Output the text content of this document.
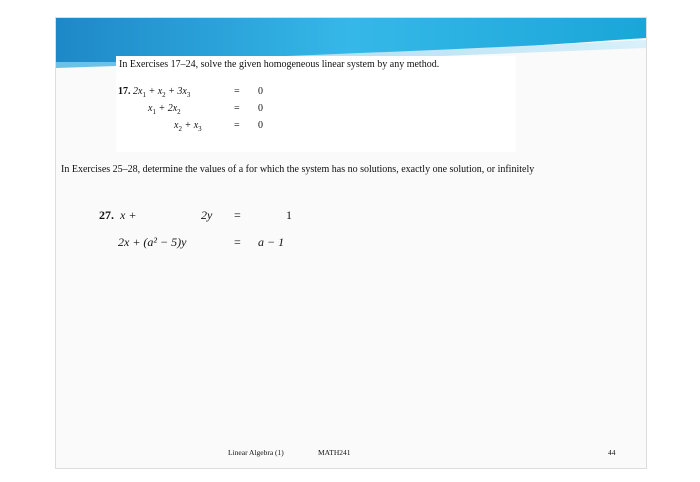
In Exercises 17–24, solve the given homogeneous linear system by any method.
17. $2x_1 + x_2 + 3x_3$	= 0
$x_1 + 2x_2$	= 0
$x_2 + x_3$	= 0
In Exercises 25–28, determine the values of a for which the system has no solutions, exactly one solution, or infinitely
27. x +	2y =	1
2x + (a² − 5)y	= a − 1
Linear Algebra (1)	MATH241	44
